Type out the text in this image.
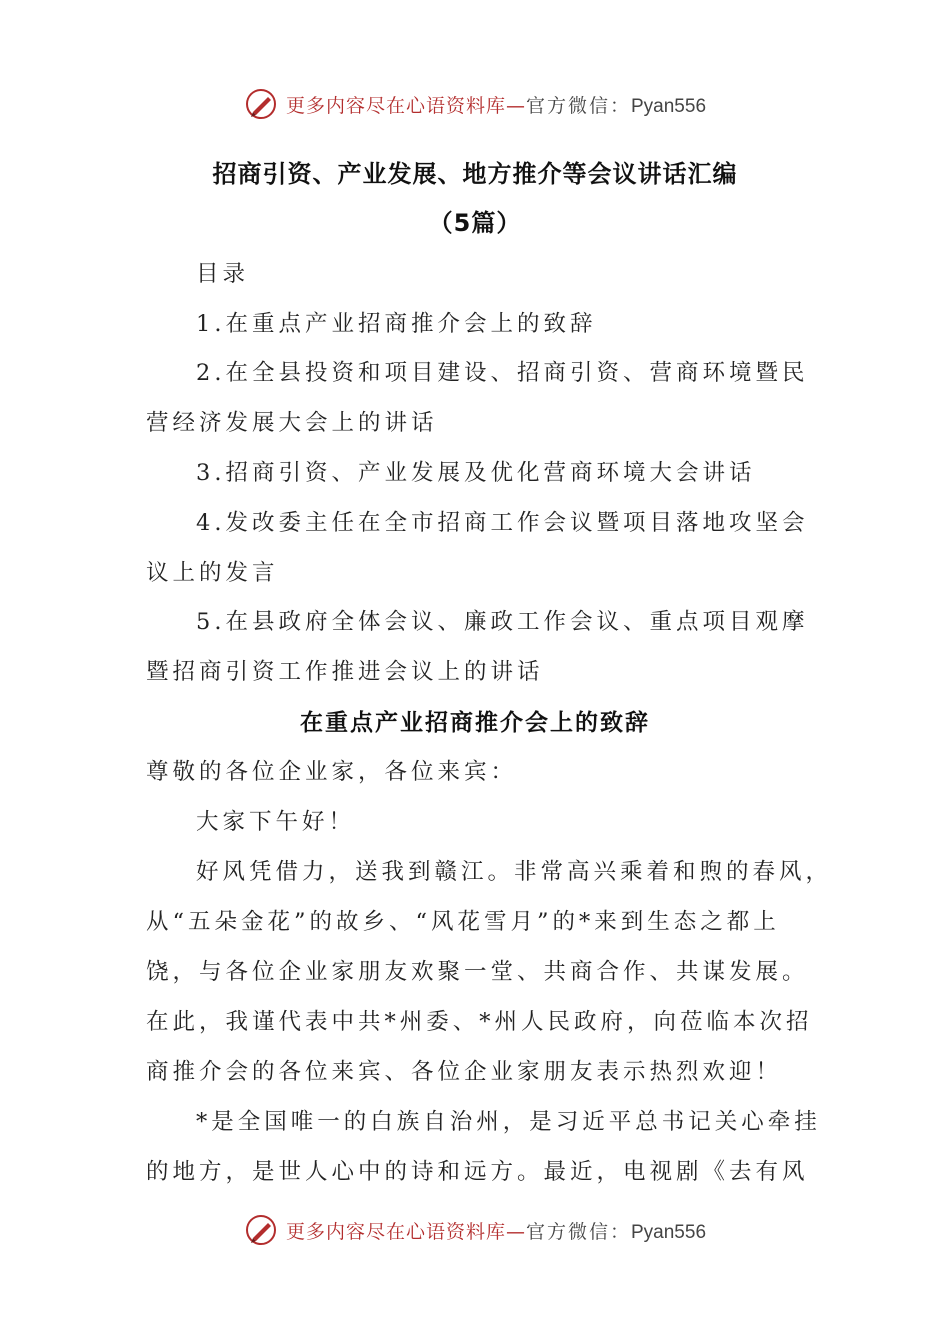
更多内容尽在心语资料库—官方微信：Pyan556
招商引资、产业发展、地方推介等会议讲话汇编
（5篇）
目录
1.在重点产业招商推介会上的致辞
2.在全县投资和项目建设、招商引资、营商环境暨民
营经济发展大会上的讲话
3.招商引资、产业发展及优化营商环境大会讲话
4.发改委主任在全市招商工作会议暨项目落地攻坚会
议上的发言
5.在县政府全体会议、廉政工作会议、重点项目观摩
暨招商引资工作推进会议上的讲话
在重点产业招商推介会上的致辞
尊敬的各位企业家，各位来宾：
大家下午好！
好风凭借力，送我到赣江。非常高兴乘着和煦的春风，
从“五朵金花”的故乡、“风花雪月”的*来到生态之都上
饶，与各位企业家朋友欢聚一堂、共商合作、共谋发展。
在此，我谨代表中共*州委、*州人民政府，向莅临本次招
商推介会的各位来宾、各位企业家朋友表示热烈欢迎！
*是全国唯一的白族自治州，是习近平总书记关心牵挂
的地方，是世人心中的诗和远方。最近，电视剧《去有风
更多内容尽在心语资料库—官方微信：Pyan556
